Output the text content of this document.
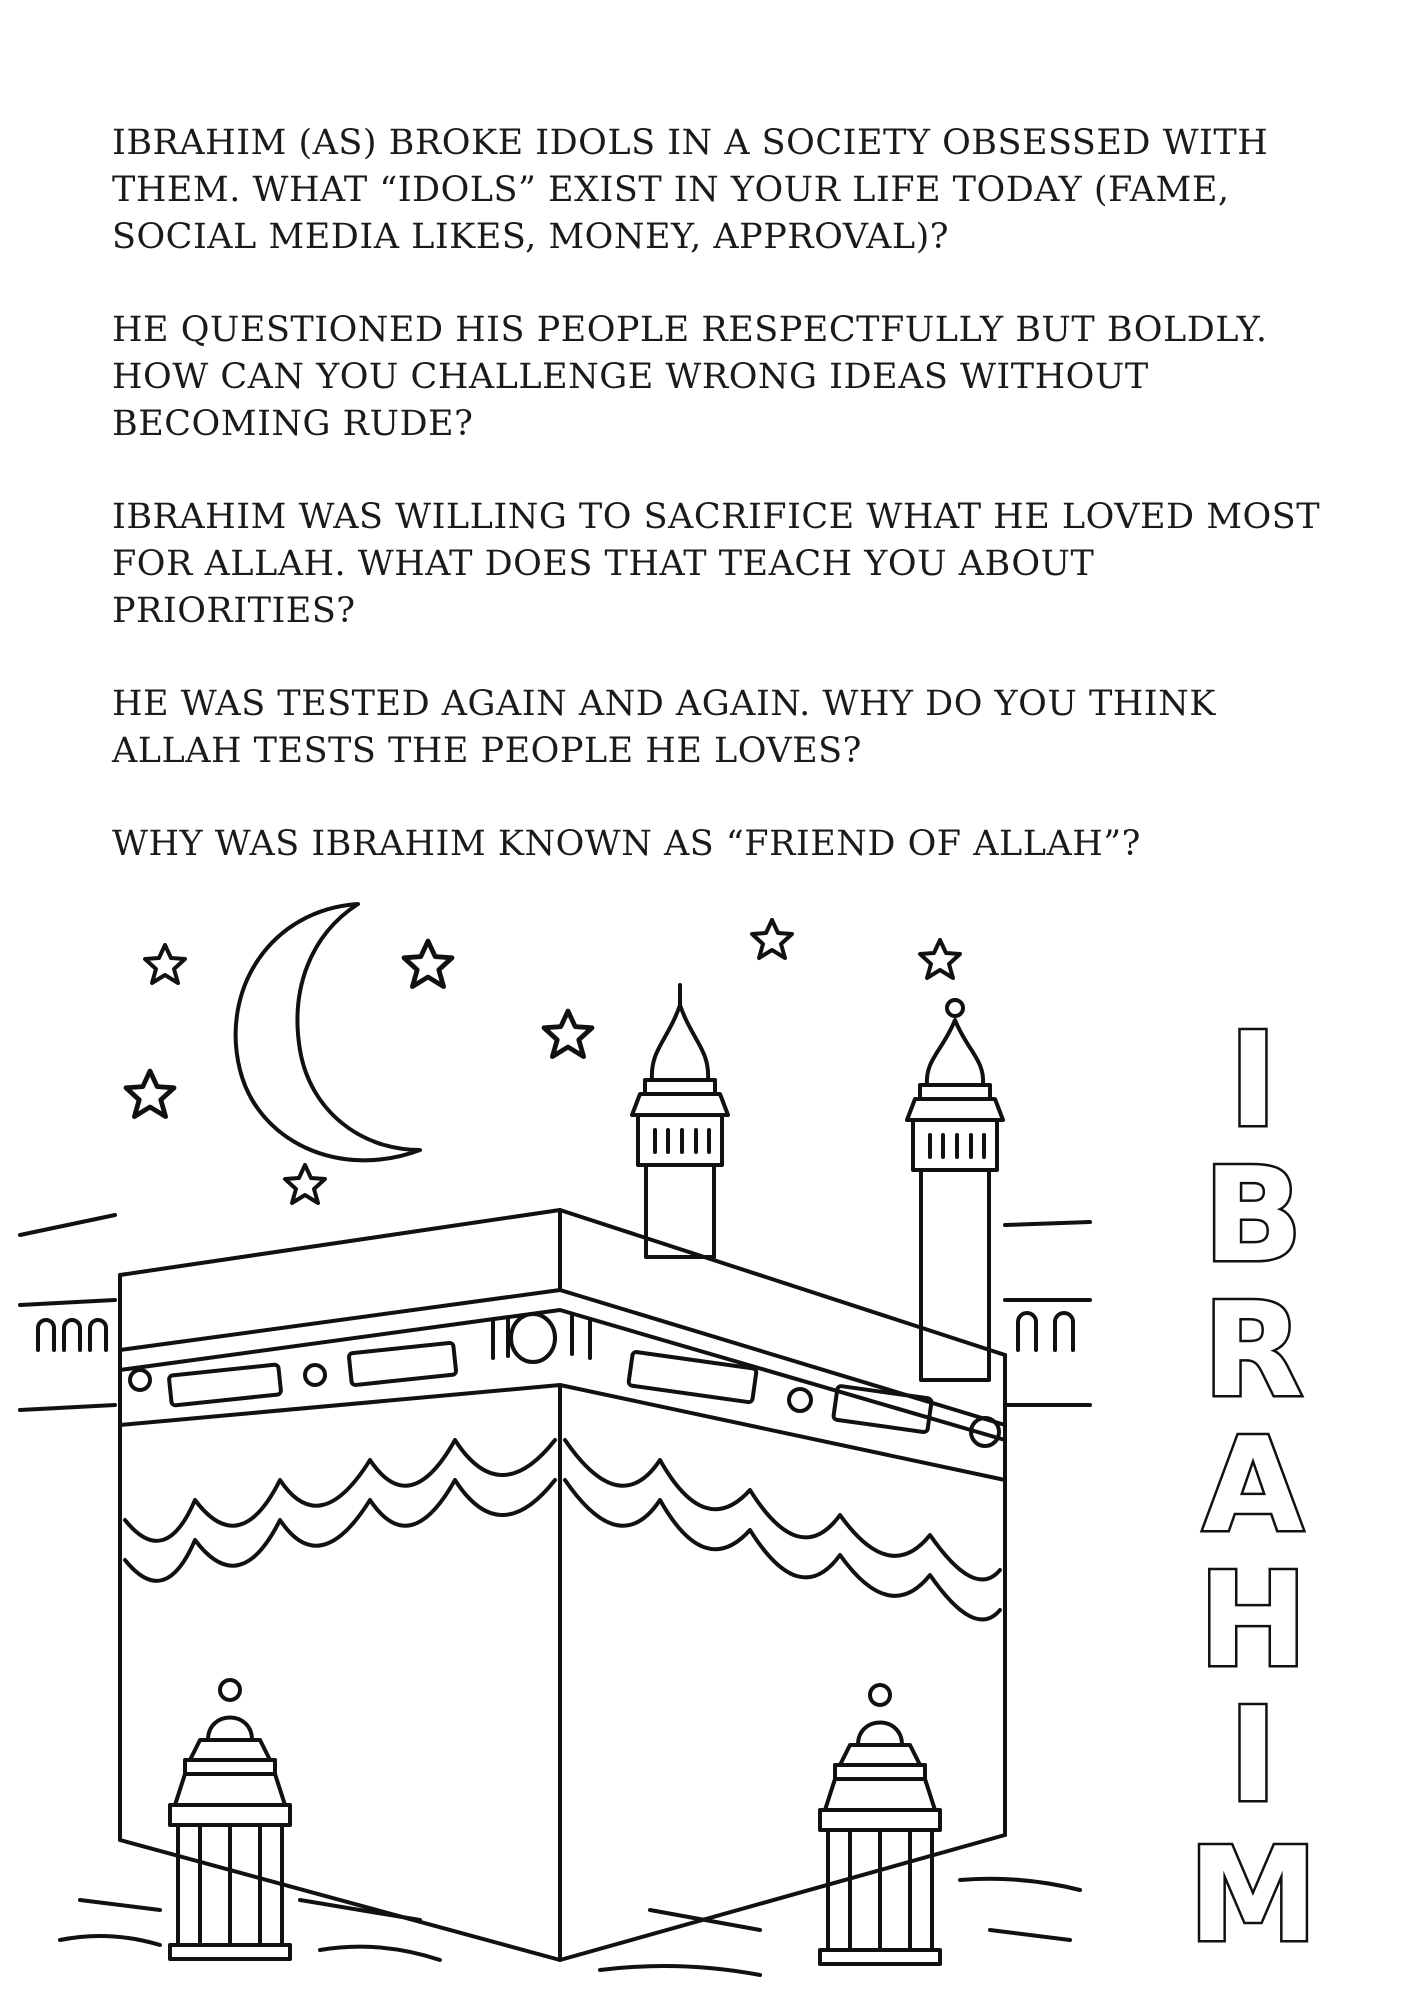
IBRAHIM (AS) BROKE IDOLS IN A SOCIETY OBSESSED WITH THEM. WHAT “IDOLS” EXIST IN YOUR LIFE TODAY (FAME, SOCIAL MEDIA LIKES, MONEY, APPROVAL)?

HE QUESTIONED HIS PEOPLE RESPECTFULLY BUT BOLDLY. HOW CAN YOU CHALLENGE WRONG IDEAS WITHOUT BECOMING RUDE?

IBRAHIM WAS WILLING TO SACRIFICE WHAT HE LOVED MOST FOR ALLAH. WHAT DOES THAT TEACH YOU ABOUT PRIORITIES?

HE WAS TESTED AGAIN AND AGAIN. WHY DO YOU THINK ALLAH TESTS THE PEOPLE HE LOVES?

WHY WAS IBRAHIM KNOWN AS “FRIEND OF ALLAH”?

I
B
R
A
H
I
M
